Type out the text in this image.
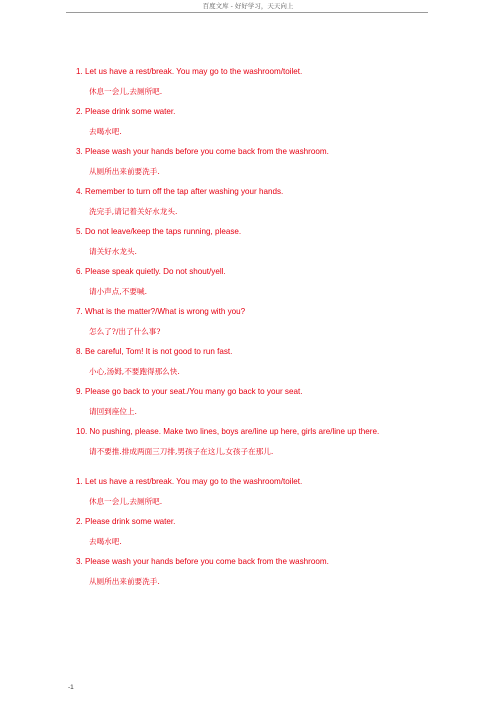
百度文库 - 好好学习，天天向上
1. Let us have a rest/break. You may go to the washroom/toilet.
休息一会儿,去厕所吧.
2. Please drink some water.
去喝水吧.
3. Please wash your hands before you come back from the washroom.
从厕所出来前要洗手.
4. Remember to turn off the tap after washing your hands.
洗完手,请记着关好水龙头.
5. Do not leave/keep the taps running, please.
请关好水龙头.
6. Please speak quietly. Do not shout/yell.
请小声点,不要喊.
7. What is the matter?/What is wrong with you?
怎么了?/出了什么事?
8. Be careful, Tom! It is not good to run fast.
小心,汤姆,不要跑得那么快.
9. Please go back to your seat./You many go back to your seat.
请回到座位上.
10. No pushing, please. Make two lines, boys are/line up here, girls are/line up there.
请不要推.排成两面三刀排,男孩子在这儿,女孩子在那儿.
1. Let us have a rest/break. You may go to the washroom/toilet.
休息一会儿,去厕所吧.
2. Please drink some water.
去喝水吧.
3. Please wash your hands before you come back from the washroom.
从厕所出来前要洗手.
-1
